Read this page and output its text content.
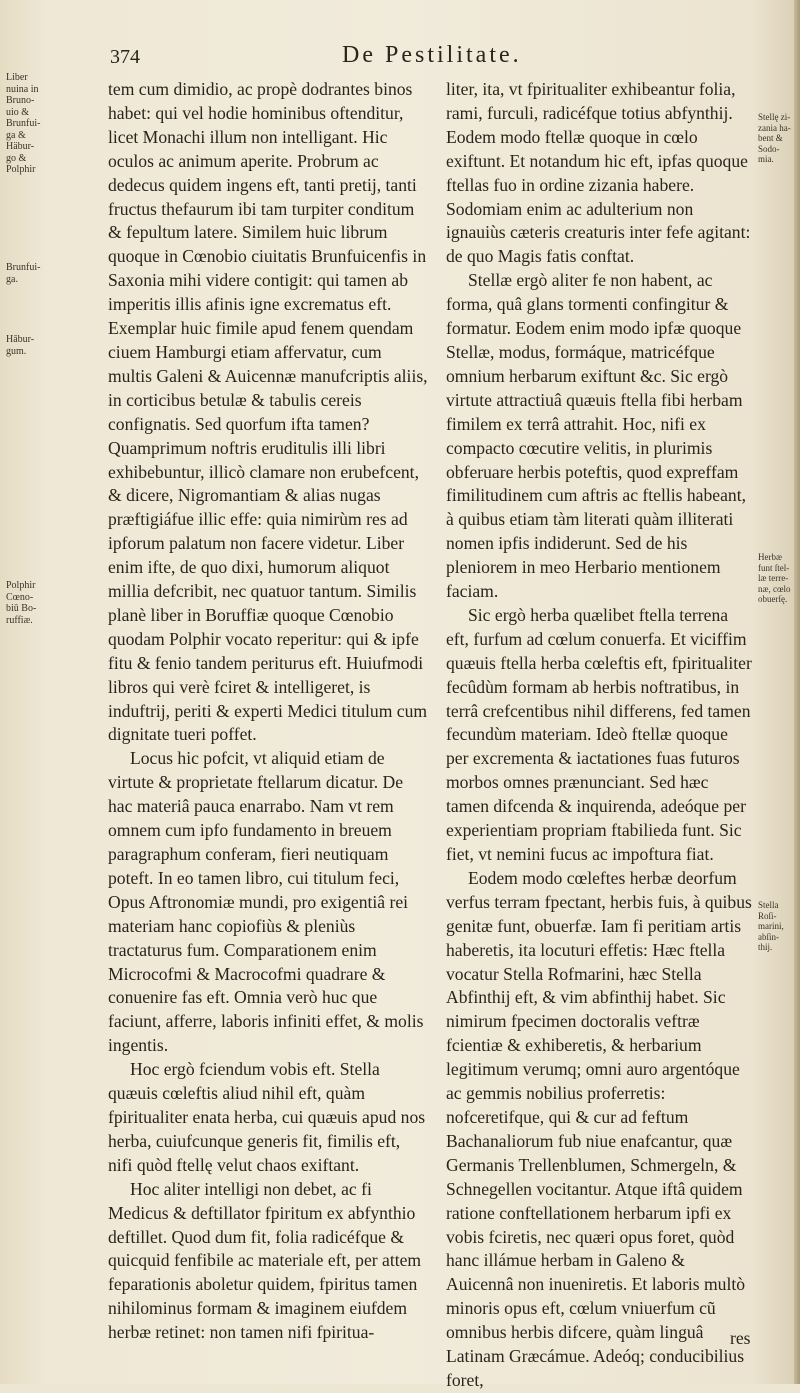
374	De Pestilitate.

tem cum dimidio, ac propè dodrantes binos habet: qui vel hodie hominibus oftenditur, licet Monachi illum non intelligant. Hic oculos ac animum aperite. Probrum ac dedecus quidem ingens eft, tanti pretij, tanti fructus thefaurum ibi tam turpiter conditum & fepultum latere. Similem huic librum quoque in Cœnobio ciuitatis Brunfuicenfis in Saxonia mihi videre contigit: qui tamen ab imperitis illis afinis igne excrematus eft. Exemplar huic fimile apud fenem quendam ciuem Hamburgi etiam affervatur, cum multis Galeni & Auicennæ manufcriptis aliis, in corticibus betulæ & tabulis cereis confignatis. Sed quorfum ifta tamen? Quamprimum noftris eruditulis illi libri exhibebuntur, illicò clamare non erubefcent, & dicere, Nigromantiam & alias nugas præftigiáfue illic effe: quia nimirùm res ad ipforum palatum non facere videtur. Liber enim ifte, de quo dixi, humorum aliquot millia defcribit, nec quatuor tantum. Similis planè liber in Boruffiæ quoque Cœnobio quodam Polphir vocato reperitur: qui & ipfe fitu & fenio tandem periturus eft. Huiufmodi libros qui verè fciret & intelligeret, is induftrij, periti & experti Medici titulum cum dignitate tueri poffet.

Locus hic pofcit, vt aliquid etiam de virtute & proprietate ftellarum dicatur. De hac materiâ pauca enarrabo. Nam vt rem omnem cum ipfo fundamento in breuem paragraphum conferam, fieri neutiquam poteft. In eo tamen libro, cui titulum feci, Opus Aftronomiæ mundi, pro exigentiâ rei materiam hanc copiofiùs & pleniùs tractaturus fum. Comparationem enim Microcofmi & Macrocofmi quadrare & conuenire fas eft. Omnia verò huc que faciunt, afferre, laboris infiniti effet, & molis ingentis.

Hoc ergò fciendum vobis eft. Stella quæuis cœleftis aliud nihil eft, quàm fpiritualiter enata herba, cui quæuis apud nos herba, cuiufcunque generis fit, fimilis eft, nifi quòd ftellę velut chaos exiftant.

Hoc aliter intelligi non debet, ac fi Medicus & deftillator fpiritum ex abfynthio deftillet. Quod dum fit, folia radicéfque & quicquid fenfibile ac materiale eft, per attem feparationis aboletur quidem, fpiritus tamen nihilominus formam & imaginem eiufdem herbæ retinet: non tamen nifi fpiritua-

liter, ita, vt fpiritualiter exhibeantur folia, rami, furculi, radicéfque totius abfynthij. Eodem modo ftellæ quoque in cœlo exiftunt. Et notandum hic eft, ipfas quoque ftellas fuo in ordine zizania habere. Sodomiam enim ac adulterium non ignauiùs cæteris creaturis inter fefe agitant: de quo Magis fatis conftat.

Stellæ ergò aliter fe non habent, ac forma, quâ glans tormenti confingitur & formatur. Eodem enim modo ipfæ quoque Stellæ, modus, formáque, matricéfque omnium herbarum exiftunt &c. Sic ergò virtute attractiuâ quæuis ftella fibi herbam fimilem ex terrâ attrahit. Hoc, nifi ex compacto cœcutire velitis, in plurimis obferuare herbis poteftis, quod expreffam fimilitudinem cum aftris ac ftellis habeant, à quibus etiam tàm literati quàm illiterati nomen ipfis indiderunt. Sed de his pleniorem in meo Herbario mentionem faciam.

Sic ergò herba quælibet ftella terrena eft, furfum ad cœlum conuerfa. Et viciffim quæuis ftella herba cœleftis eft, fpiritualiter fecûdùm formam ab herbis noftratibus, in terrâ crefcentibus nihil differens, fed tamen fecundùm materiam. Ideò ftellæ quoque per excrementa & iactationes fuas futuros morbos omnes prænunciant. Sed hæc tamen difcenda & inquirenda, adeóque per experientiam propriam ftabilieda funt. Sic fiet, vt nemini fucus ac impoftura fiat.

Eodem modo cœleftes herbæ deorfum verfus terram fpectant, herbis fuis, à quibus genitæ funt, obuerfæ. Iam fi peritiam artis haberetis, ita locuturi effetis: Hæc ftella vocatur Stella Rofmarini, hæc Stella Abfinthij eft, & vim abfinthij habet. Sic nimirum fpecimen doctoralis veftræ fcientiæ & exhiberetis, & herbarium legitimum verumq; omni auro argentóque ac gemmis nobilius proferretis: nofceretifque, qui & cur ad feftum Bachanaliorum fub niue enafcantur, quæ Germanis Trellenblumen, Schmergeln, & Schnegellen vocitantur. Atque iftâ quidem ratione conftellationem herbarum ipfi ex vobis fciretis, nec quæri opus foret, quòd hanc illámue herbam in Galeno & Auicennâ non inueniretis. Et laboris multò minoris opus eft, cœlum vniuerfum cũ omnibus herbis difcere, quàm linguâ Latinam Græcámue. Adeóq; conducibilius foret,

Liber
nuina in
Bruno-
uio &
Brunfui-
ga &
Häbur-
go &
Polphir
Brunfui-
ga.
Hābur-
gum.
Polphir
Cœno-
biū Bo-
ruffiæ.
Stellę zi-
zania ha-
bent &
Sodo-
mia.
Herbæ
funt ſtel-
læ terre-
næ, cœlo
obuerſę.
Stella
Roſi-
marini,
abſin-
thij.
res
